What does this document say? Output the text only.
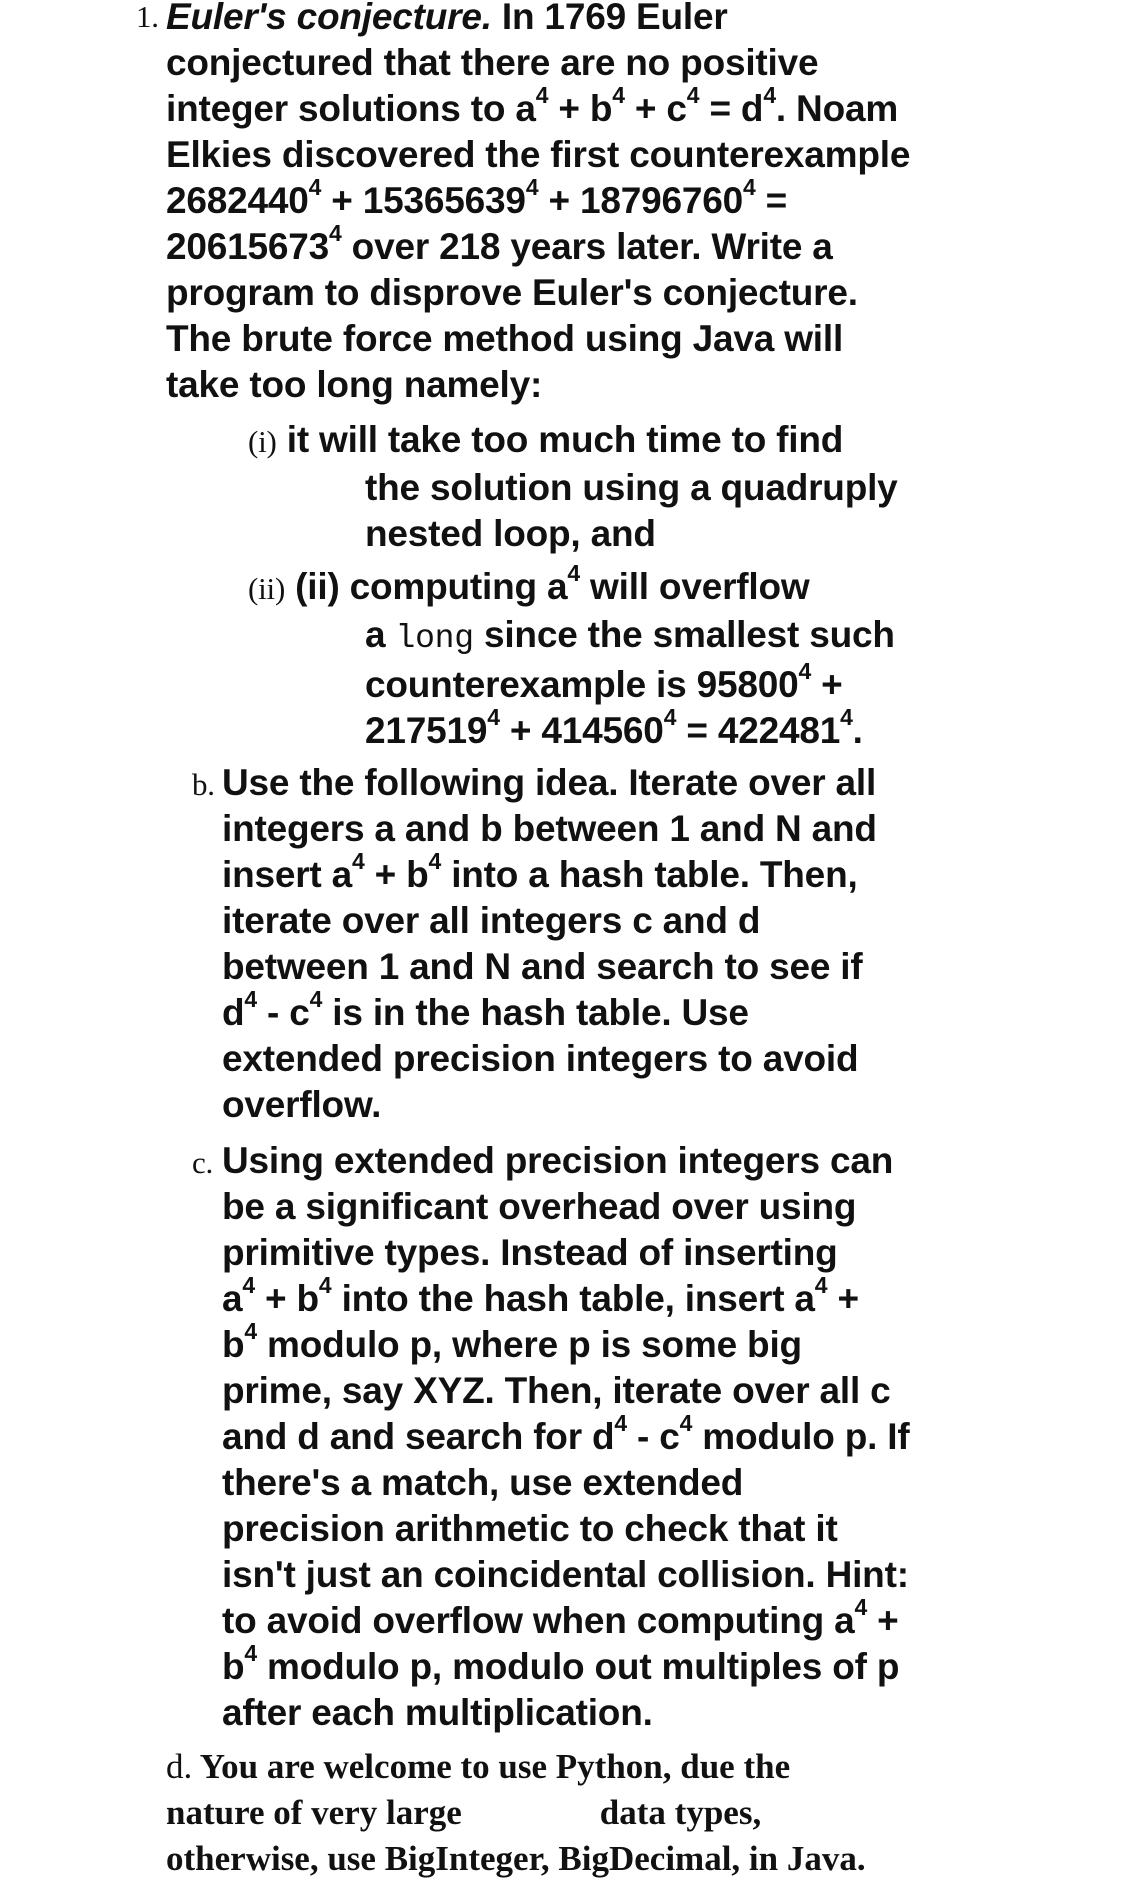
1. Euler's conjecture. In 1769 Euler
conjectured that there are no positive
integer solutions to $a^4 + b^4 + c^4 = d^4$. Noam
Elkies discovered the first counterexample
$2682440^4 + 15365639^4 + 18796760^4$ =
$20615673^4$ over 218 years later. Write a
program to disprove Euler's conjecture.
The brute force method using Java will
take too long namely:
(i) it will take too much time to find
the solution using a quadruply
nested loop, and
(ii) (ii) computing $a^4$ will overflow
a long since the smallest such
counterexample is $95800^4$ +
$217519^4 + 414560^4 = 422481^4$.
b. Use the following idea. Iterate over all
integers a and b between 1 and N and
insert $a^4 + b^4$ into a hash table. Then,
iterate over all integers c and d
between 1 and N and search to see if
$d^4 - c^4$ is in the hash table. Use
extended precision integers to avoid
overflow.
c. Using extended precision integers can
be a significant overhead over using
primitive types. Instead of inserting
$a^4 + b^4$ into the hash table, insert $a^4$ +
$b^4$ modulo p, where p is some big
prime, say XYZ. Then, iterate over all c
and d and search for $d^4 - c^4$ modulo p. If
there's a match, use extended
precision arithmetic to check that it
isn't just an coincidental collision. Hint:
to avoid overflow when computing $a^4$ +
$b^4$ modulo p, modulo out multiples of p
after each multiplication.
d. You are welcome to use Python, due the
nature of very large	data types,
otherwise, use BigInteger, BigDecimal, in Java.
